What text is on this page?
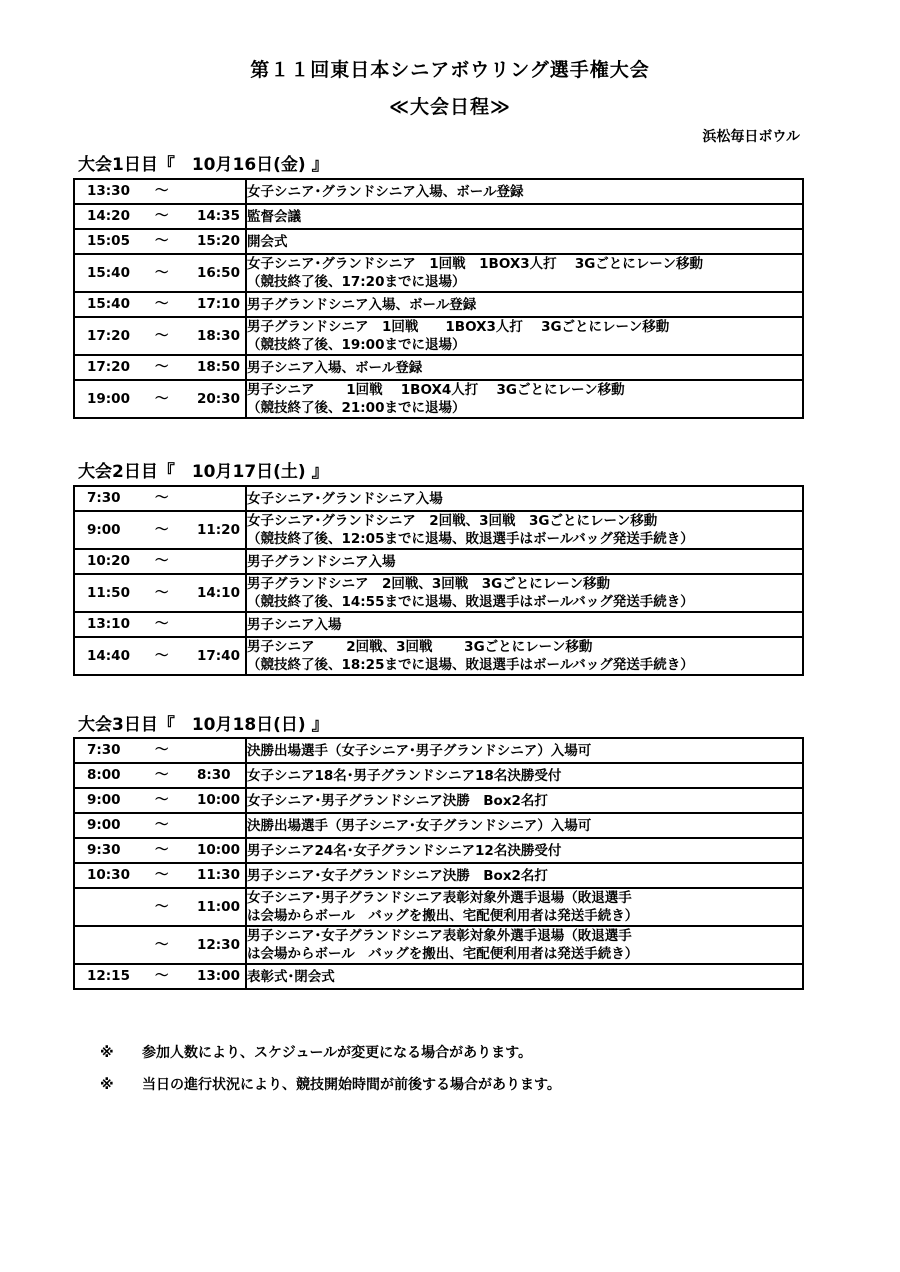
第１１回東日本シニアボウリング選手権大会
≪大会日程≫
浜松毎日ボウル
大会1日目『　10月16日(金) 』
13:30 ～	女子シニア･グランドシニア入場、ボール登録

14:20 ～ 14:35	監督会議

15:05 ～ 15:20	開会式

15:40 ～ 16:50	女子シニア･グランドシニア　1回戦　1BOX3人打　 3Gごとにレーン移動
（競技終了後、17:20までに退場）

15:40 ～ 17:10	男子グランドシニア入場、ボール登録

17:20 ～ 18:30	男子グランドシニア　1回戦　　1BOX3人打　 3Gごとにレーン移動
（競技終了後、19:00までに退場）

17:20 ～ 18:50	男子シニア入場、ボール登録

19:00 ～ 20:30	男子シニア　　 1回戦　 1BOX4人打　 3Gごとにレーン移動
（競技終了後、21:00までに退場）
大会2日目『　10月17日(土) 』
7:30 ～	女子シニア･グランドシニア入場

9:00 ～ 11:20	女子シニア･グランドシニア　2回戦、3回戦　3Gごとにレーン移動
（競技終了後、12:05までに退場、敗退選手はボールバッグ発送手続き）

10:20 ～	男子グランドシニア入場

11:50 ～ 14:10	男子グランドシニア　2回戦、3回戦　3Gごとにレーン移動
（競技終了後、14:55までに退場、敗退選手はボールバッグ発送手続き）

13:10 ～	男子シニア入場

14:40 ～ 17:40	男子シニア　　 2回戦、3回戦　　 3Gごとにレーン移動
（競技終了後、18:25までに退場、敗退選手はボールバッグ発送手続き）
大会3日目『　10月18日(日) 』
7:30 ～	決勝出場選手（女子シニア･男子グランドシニア）入場可

8:00 ～ 8:30	女子シニア18名･男子グランドシニア18名決勝受付

9:00 ～ 10:00	女子シニア･男子グランドシニア決勝　Box2名打

9:00 ～	決勝出場選手（男子シニア･女子グランドシニア）入場可

9:30 ～ 10:00	男子シニア24名･女子グランドシニア12名決勝受付

10:30 ～ 11:30	男子シニア･女子グランドシニア決勝　Box2名打

～ 11:00	女子シニア･男子グランドシニア表彰対象外選手退場（敗退選手
は会場からボール　バッグを搬出、宅配便利用者は発送手続き）

～ 12:30	男子シニア･女子グランドシニア表彰対象外選手退場（敗退選手
は会場からボール　バッグを搬出、宅配便利用者は発送手続き）

12:15 ～ 13:00	表彰式･閉会式
※ 参加人数により、スケジュールが変更になる場合があります。
※ 当日の進行状況により、競技開始時間が前後する場合があります。
